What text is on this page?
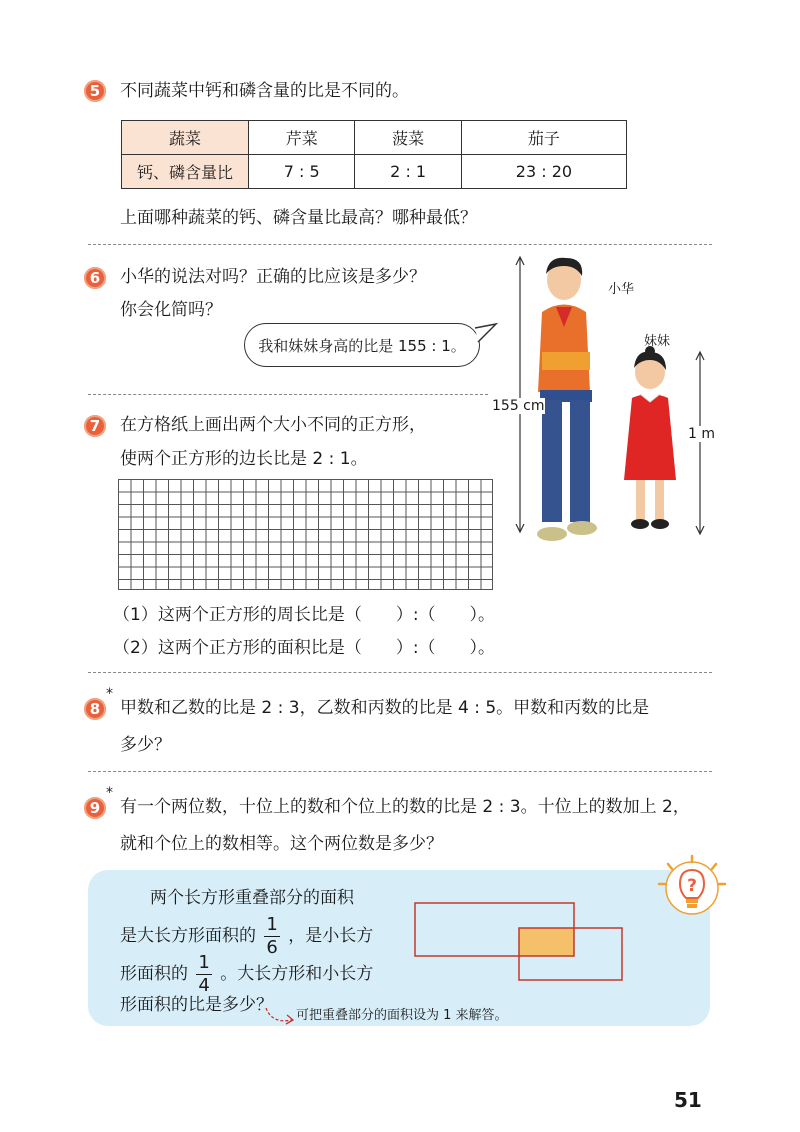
5	不同蔬菜中钙和磷含量的比是不同的。
蔬菜	芹菜	菠菜	茄子
钙、磷含量比	7 : 5	2 : 1	23 : 20
上面哪种蔬菜的钙、磷含量比最高？哪种最低？
6	小华的说法对吗？正确的比应该是多少？
你会化简吗？
我和妹妹身高的比是 155 : 1。
小华
妹妹
155 cm
1 m
7	在方格纸上画出两个大小不同的正方形，
使两个正方形的边长比是 2 : 1。
（1）这两个正方形的周长比是（　　）:（　　）。
（2）这两个正方形的面积比是（　　）:（　　）。
8
*
甲数和乙数的比是 2 : 3，乙数和丙数的比是 4 : 5。甲数和丙数的比是
多少？
9
*
有一个两位数，十位上的数和个位上的数的比是 2 : 3。十位上的数加上 2，
就和个位上的数相等。这个两位数是多少？
两个长方形重叠部分的面积
是大长方形面积的 $\frac{1}{6}$ ，是小长方
形面积的 $\frac{1}{4}$ 。大长方形和小长方
形面积的比是多少？
可把重叠部分的面积设为 1 来解答。
?
51
